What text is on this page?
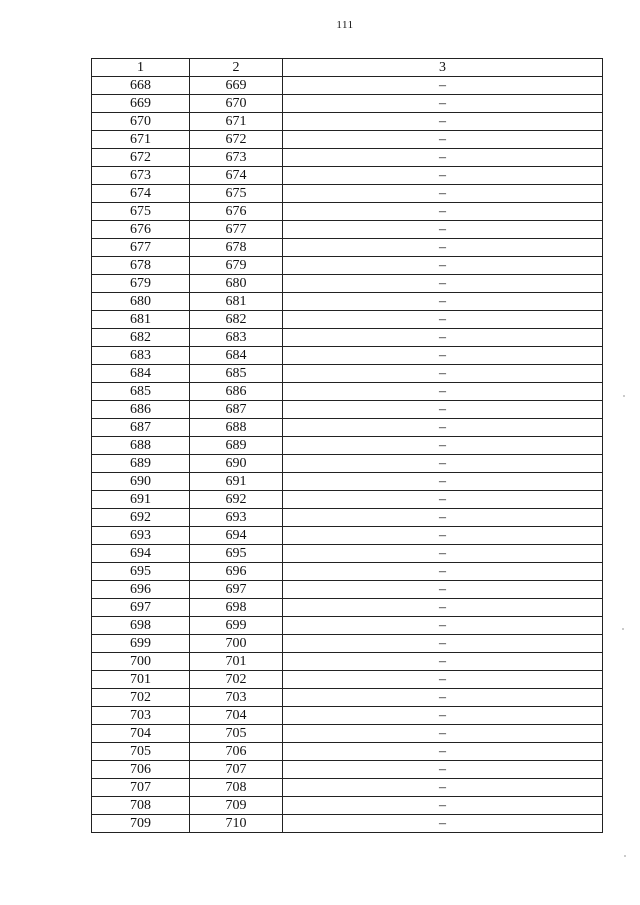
111
1	2	3
668	669	–
669	670	–
670	671	–
671	672	–
672	673	–
673	674	–
674	675	–
675	676	–
676	677	–
677	678	–
678	679	–
679	680	–
680	681	–
681	682	–
682	683	–
683	684	–
684	685	–
685	686	–
686	687	–
687	688	–
688	689	–
689	690	–
690	691	–
691	692	–
692	693	–
693	694	–
694	695	–
695	696	–
696	697	–
697	698	–
698	699	–
699	700	–
700	701	–
701	702	–
702	703	–
703	704	–
704	705	–
705	706	–
706	707	–
707	708	–
708	709	–
709	710	–
